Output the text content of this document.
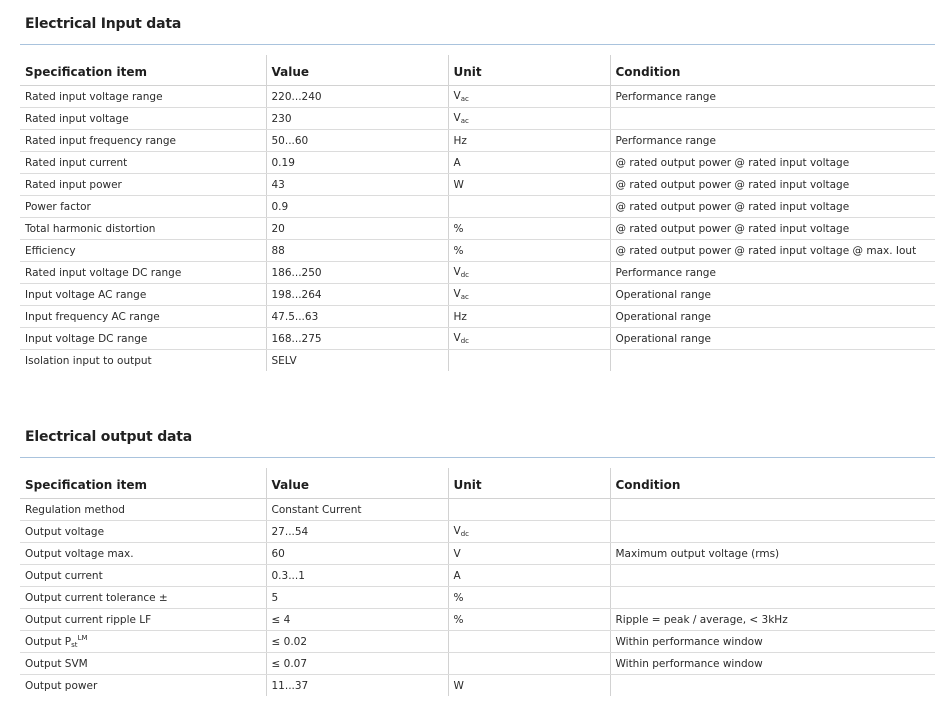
Electrical Input data
Specification item	Value	Unit	Condition
Rated input voltage range	220...240	Vac	Performance range
Rated input voltage	230	Vac	
Rated input frequency range	50...60	Hz	Performance range
Rated input current	0.19	A	@ rated output power @ rated input voltage
Rated input power	43	W	@ rated output power @ rated input voltage
Power factor	0.9		@ rated output power @ rated input voltage
Total harmonic distortion	20	%	@ rated output power @ rated input voltage
Efficiency	88	%	@ rated output power @ rated input voltage @ max. Iout
Rated input voltage DC range	186...250	Vdc	Performance range
Input voltage AC range	198...264	Vac	Operational range
Input frequency AC range	47.5...63	Hz	Operational range
Input voltage DC range	168...275	Vdc	Operational range
Isolation input to output	SELV		
Electrical output data
Specification item	Value	Unit	Condition
Regulation method	Constant Current		
Output voltage	27...54	Vdc	
Output voltage max.	60	V	Maximum output voltage (rms)
Output current	0.3...1	A	
Output current tolerance ±	5	%	
Output current ripple LF	≤ 4	%	Ripple = peak / average, < 3kHz
Output Pst$^{LM}$	≤ 0.02		Within performance window
Output SVM	≤ 0.07		Within performance window
Output power	11...37	W	
